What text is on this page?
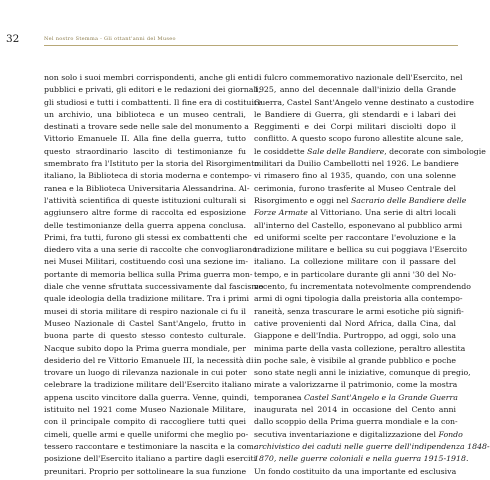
32	Nel nostro Stemma - Gli ottant'anni del Museo
non solo i suoi membri corrispondenti, anche gli enti
pubblici e privati, gli editori e le redazioni dei giornali,
gli studiosi e tutti i combattenti. Il fine era di costituire
un archivio, una biblioteca e un museo centrali,
destinati a trovare sede nelle sale del monumento a
Vittorio Emanuele II. Alla fine della guerra, tutto
questo straordinario lascito di testimonianze fu
smembrato fra l'Istituto per la storia del Risorgimento
italiano, la Biblioteca di storia moderna e contempo-
ranea e la Biblioteca Universitaria Alessandrina. Al-
l'attività scientifica di queste istituzioni culturali si
aggiunsero altre forme di raccolta ed esposizione
delle testimonianze della guerra appena conclusa.
Primi, fra tutti, furono gli stessi ex combattenti che
diedero vita a una serie di raccolte che convogliarono
nei Musei Militari, costituendo così una sezione im-
portante di memoria bellica sulla Prima guerra mon-
diale che venne sfruttata successivamente dal fascismo
quale ideologia della tradizione militare. Tra i primi
musei di storia militare di respiro nazionale ci fu il
Museo Nazionale di Castel Sant'Angelo, frutto in
buona parte di questo stesso contesto culturale.
Nacque subito dopo la Prima guerra mondiale, per
desiderio del re Vittorio Emanuele III, la necessità di
trovare un luogo di rilevanza nazionale in cui poter
celebrare la tradizione militare dell'Esercito italiano
appena uscito vincitore dalla guerra. Venne, quindi,
istituito nel 1921 come Museo Nazionale Militare,
con il principale compito di raccogliere tutti quei
cimeli, quelle armi e quelle uniformi che meglio po-
tessero raccontare e testimoniare la nascita e la com-
posizione dell'Esercito italiano a partire dagli eserciti
preunitari. Proprio per sottolineare la sua funzione
di fulcro commemorativo nazionale dell'Esercito, nel
1925, anno del decennale dall'inizio della Grande
Guerra, Castel Sant'Angelo venne destinato a custodire
le Bandiere di Guerra, gli stendardi e i labari dei
Reggimenti e dei Corpi militari disciolti dopo il
conflitto. A questo scopo furono allestite alcune sale,
le cosiddette Sale delle Bandiere, decorate con simbologie
militari da Duilio Cambellotti nel 1926. Le bandiere
vi rimasero fino al 1935, quando, con una solenne
cerimonia, furono trasferite al Museo Centrale del
Risorgimento e oggi nel Sacrario delle Bandiere delle
Forze Armate al Vittoriano. Una serie di altri locali
all'interno del Castello, esponevano al pubblico armi
ed uniformi scelte per raccontare l'evoluzione e la
tradizione militare e bellica su cui poggiava l'Esercito
italiano. La collezione militare con il passare del
tempo, e in particolare durante gli anni '30 del No-
vecento, fu incrementata notevolmente comprendendo
armi di ogni tipologia dalla preistoria alla contempo-
raneità, senza trascurare le armi esotiche più signifi-
cative provenienti dal Nord Africa, dalla Cina, dal
Giappone e dell'India. Purtroppo, ad oggi, solo una
minima parte della vasta collezione, peraltro allestita
in poche sale, è visibile al grande pubblico e poche
sono state negli anni le iniziative, comunque di pregio,
mirate a valorizzarne il patrimonio, come la mostra
temporanea Castel Sant'Angelo e la Grande Guerra
inaugurata nel 2014 in occasione del Cento anni
dallo scoppio della Prima guerra mondiale e la con-
secutiva inventariazione e digitalizzazione del Fondo
archivistico dei caduti nelle guerre dell'indipendenza 1848-
1870, nelle guerre coloniali e nella guerra 1915-1918.
Un fondo costituito da una importante ed esclusiva
